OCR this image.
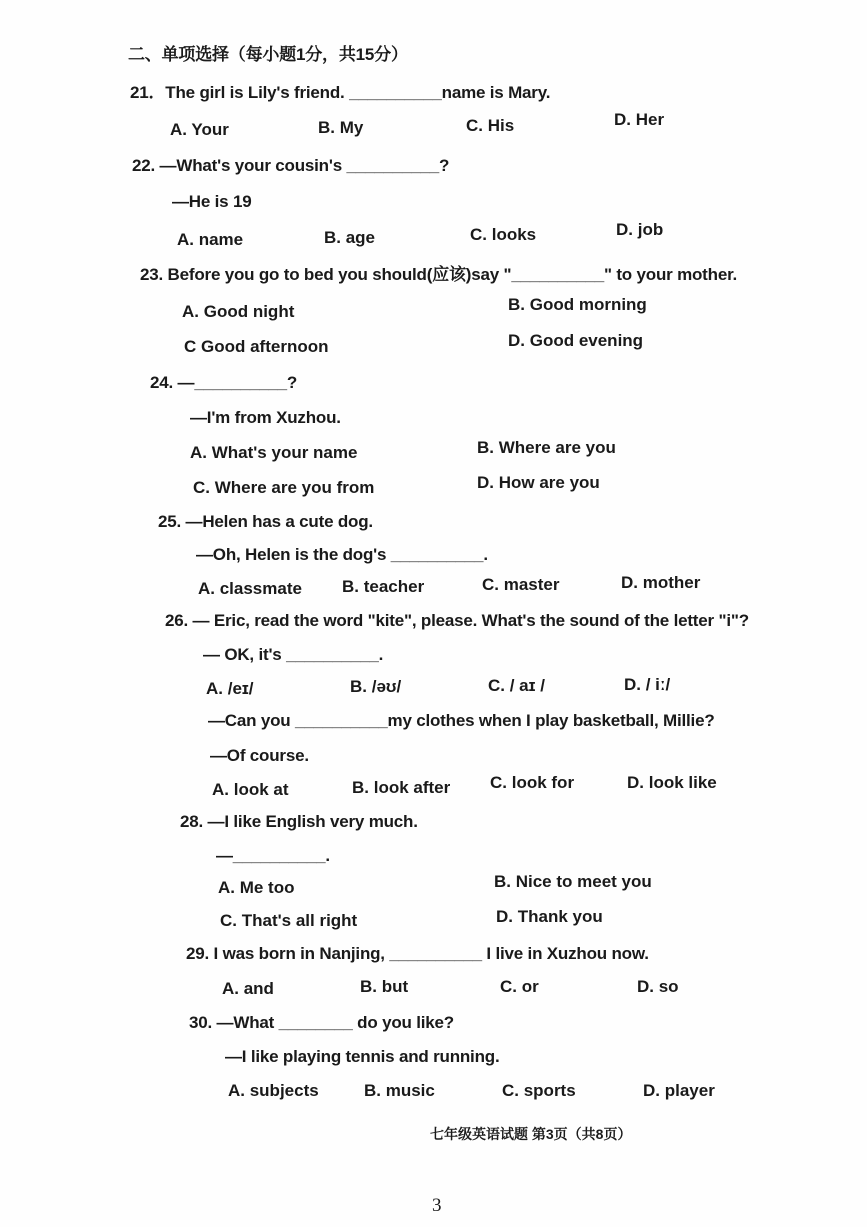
二、单项选择（每小题1分，共15分）
21．The girl is Lily's friend. __________name is Mary.
A. Your	B. My	C. His	D. Her
22. —What's your cousin's __________?
—He is 19
A. name	B. age	C. looks	D. job
23. Before you go to bed you should(应该)say "__________" to your mother.
A. Good night	B. Good morning
C Good afternoon	D. Good evening
24. —__________?
—I'm from Xuzhou.
A. What's your name	B. Where are you
C. Where are you from	D. How are you
25. —Helen has a cute dog.
—Oh, Helen is the dog's __________.
A. classmate B. teacher	C. master	D. mother
26. — Eric, read the word "kite", please. What's the sound of the letter "i"?
— OK, it's __________.
A. /eɪ/	B. /əʊ/	C. / aɪ /	D. / iː/
—Can you __________my clothes when I play basketball, Millie?
—Of course.
A. look at	B. look after C. look for	D. look like
28. —I like English very much.
—__________.
A. Me too	B. Nice to meet you
C. That's all right	D. Thank you
29. I was born in Nanjing, __________ I live in Xuzhou now.
A. and	B. but	C. or	D. so
30. —What ________ do you like?
—I like playing tennis and running.
A. subjects	B. music	C. sports	D. player
七年级英语试题 第3页（共8页）
3
